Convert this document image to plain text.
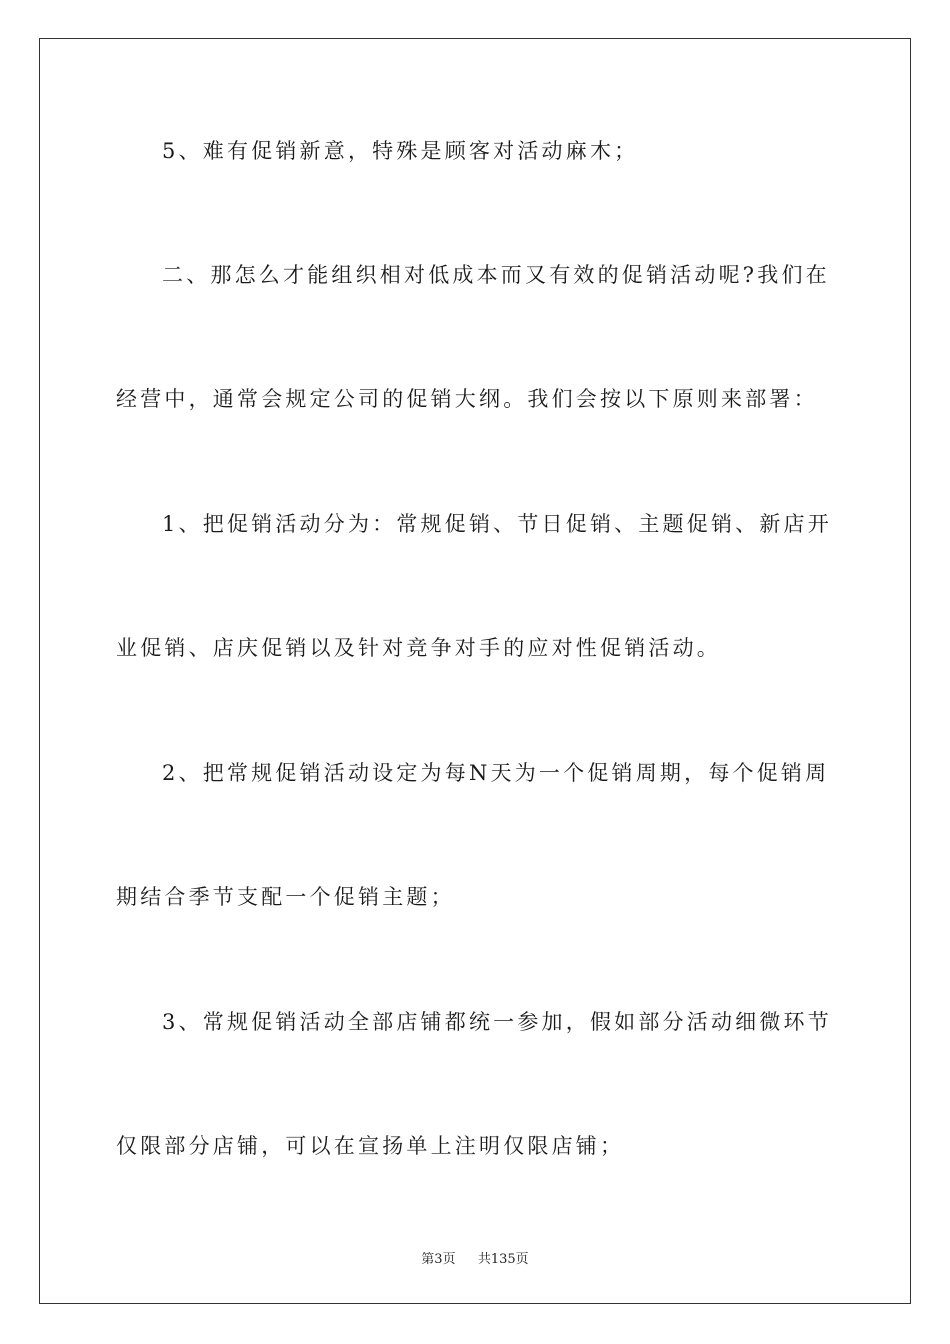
5、难有促销新意，特殊是顾客对活动麻木；
二、那怎么才能组织相对低成本而又有效的促销活动呢?我们在
经营中，通常会规定公司的促销大纲。我们会按以下原则来部署：
1、把促销活动分为：常规促销、节日促销、主题促销、新店开
业促销、店庆促销以及针对竞争对手的应对性促销活动。
2、把常规促销活动设定为每N天为一个促销周期，每个促销周
期结合季节支配一个促销主题；
3、常规促销活动全部店铺都统一参加，假如部分活动细微环节
仅限部分店铺，可以在宣扬单上注明仅限店铺；
第3页 共135页
